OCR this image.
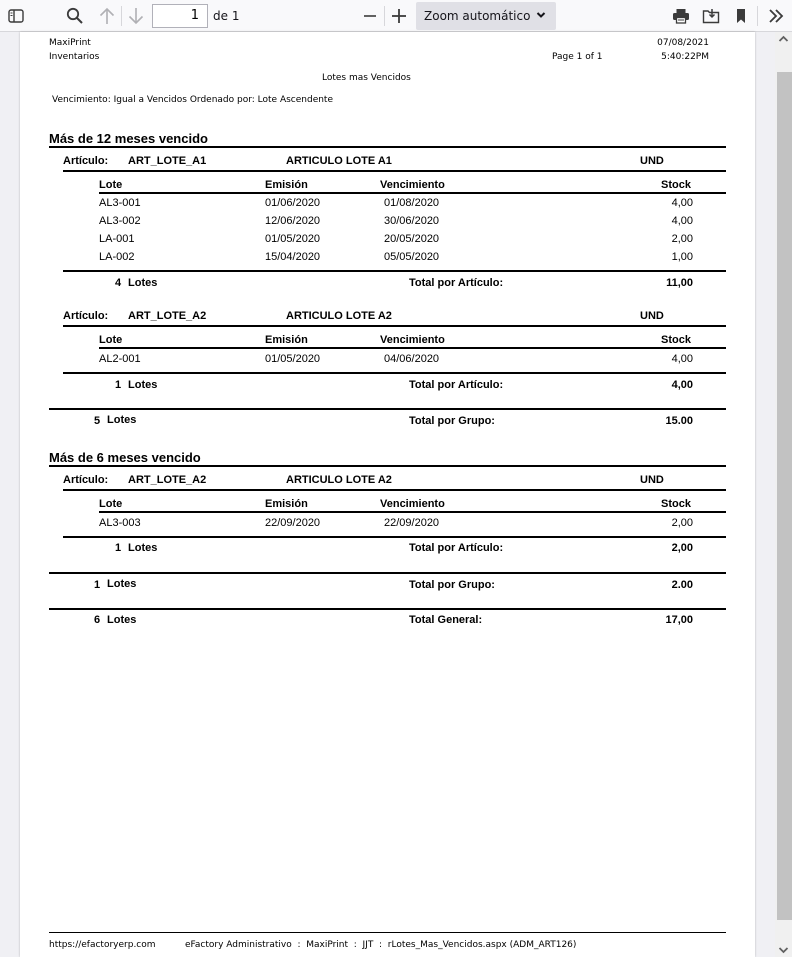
1	de 1	Zoom automático
MaxiPrint
Inventarios
07/08/2021
Page 1 of 1	5:40:22PM
Lotes mas Vencidos
Vencimiento: Igual a Vencidos Ordenado por: Lote Ascendente
Más de 12 meses vencido
Artículo: ART_LOTE_A1	ARTICULO LOTE A1	UND
Lote	Emisión	Vencimiento	Stock
AL3-001	01/06/2020	01/08/2020	4,00
AL3-002	12/06/2020	30/06/2020	4,00
LA-001	01/05/2020	20/05/2020	2,00
LA-002	15/04/2020	05/05/2020	1,00
4 Lotes	Total por Artículo:	11,00
Artículo: ART_LOTE_A2	ARTICULO LOTE A2	UND
Lote	Emisión	Vencimiento	Stock
AL2-001	01/05/2020	04/06/2020	4,00
1 Lotes	Total por Artículo:	4,00
5 Lotes	Total por Grupo:	15.00
Más de 6 meses vencido
Artículo: ART_LOTE_A2	ARTICULO LOTE A2	UND
Lote	Emisión	Vencimiento	Stock
AL3-003	22/09/2020	22/09/2020	2,00
1 Lotes	Total por Artículo:	2,00
1 Lotes	Total por Grupo:	2.00
6 Lotes	Total General:	17,00
https://efactoryerp.com	eFactory Administrativo  :  MaxiPrint  :  JJT  :  rLotes_Mas_Vencidos.aspx (ADM_ART126)
